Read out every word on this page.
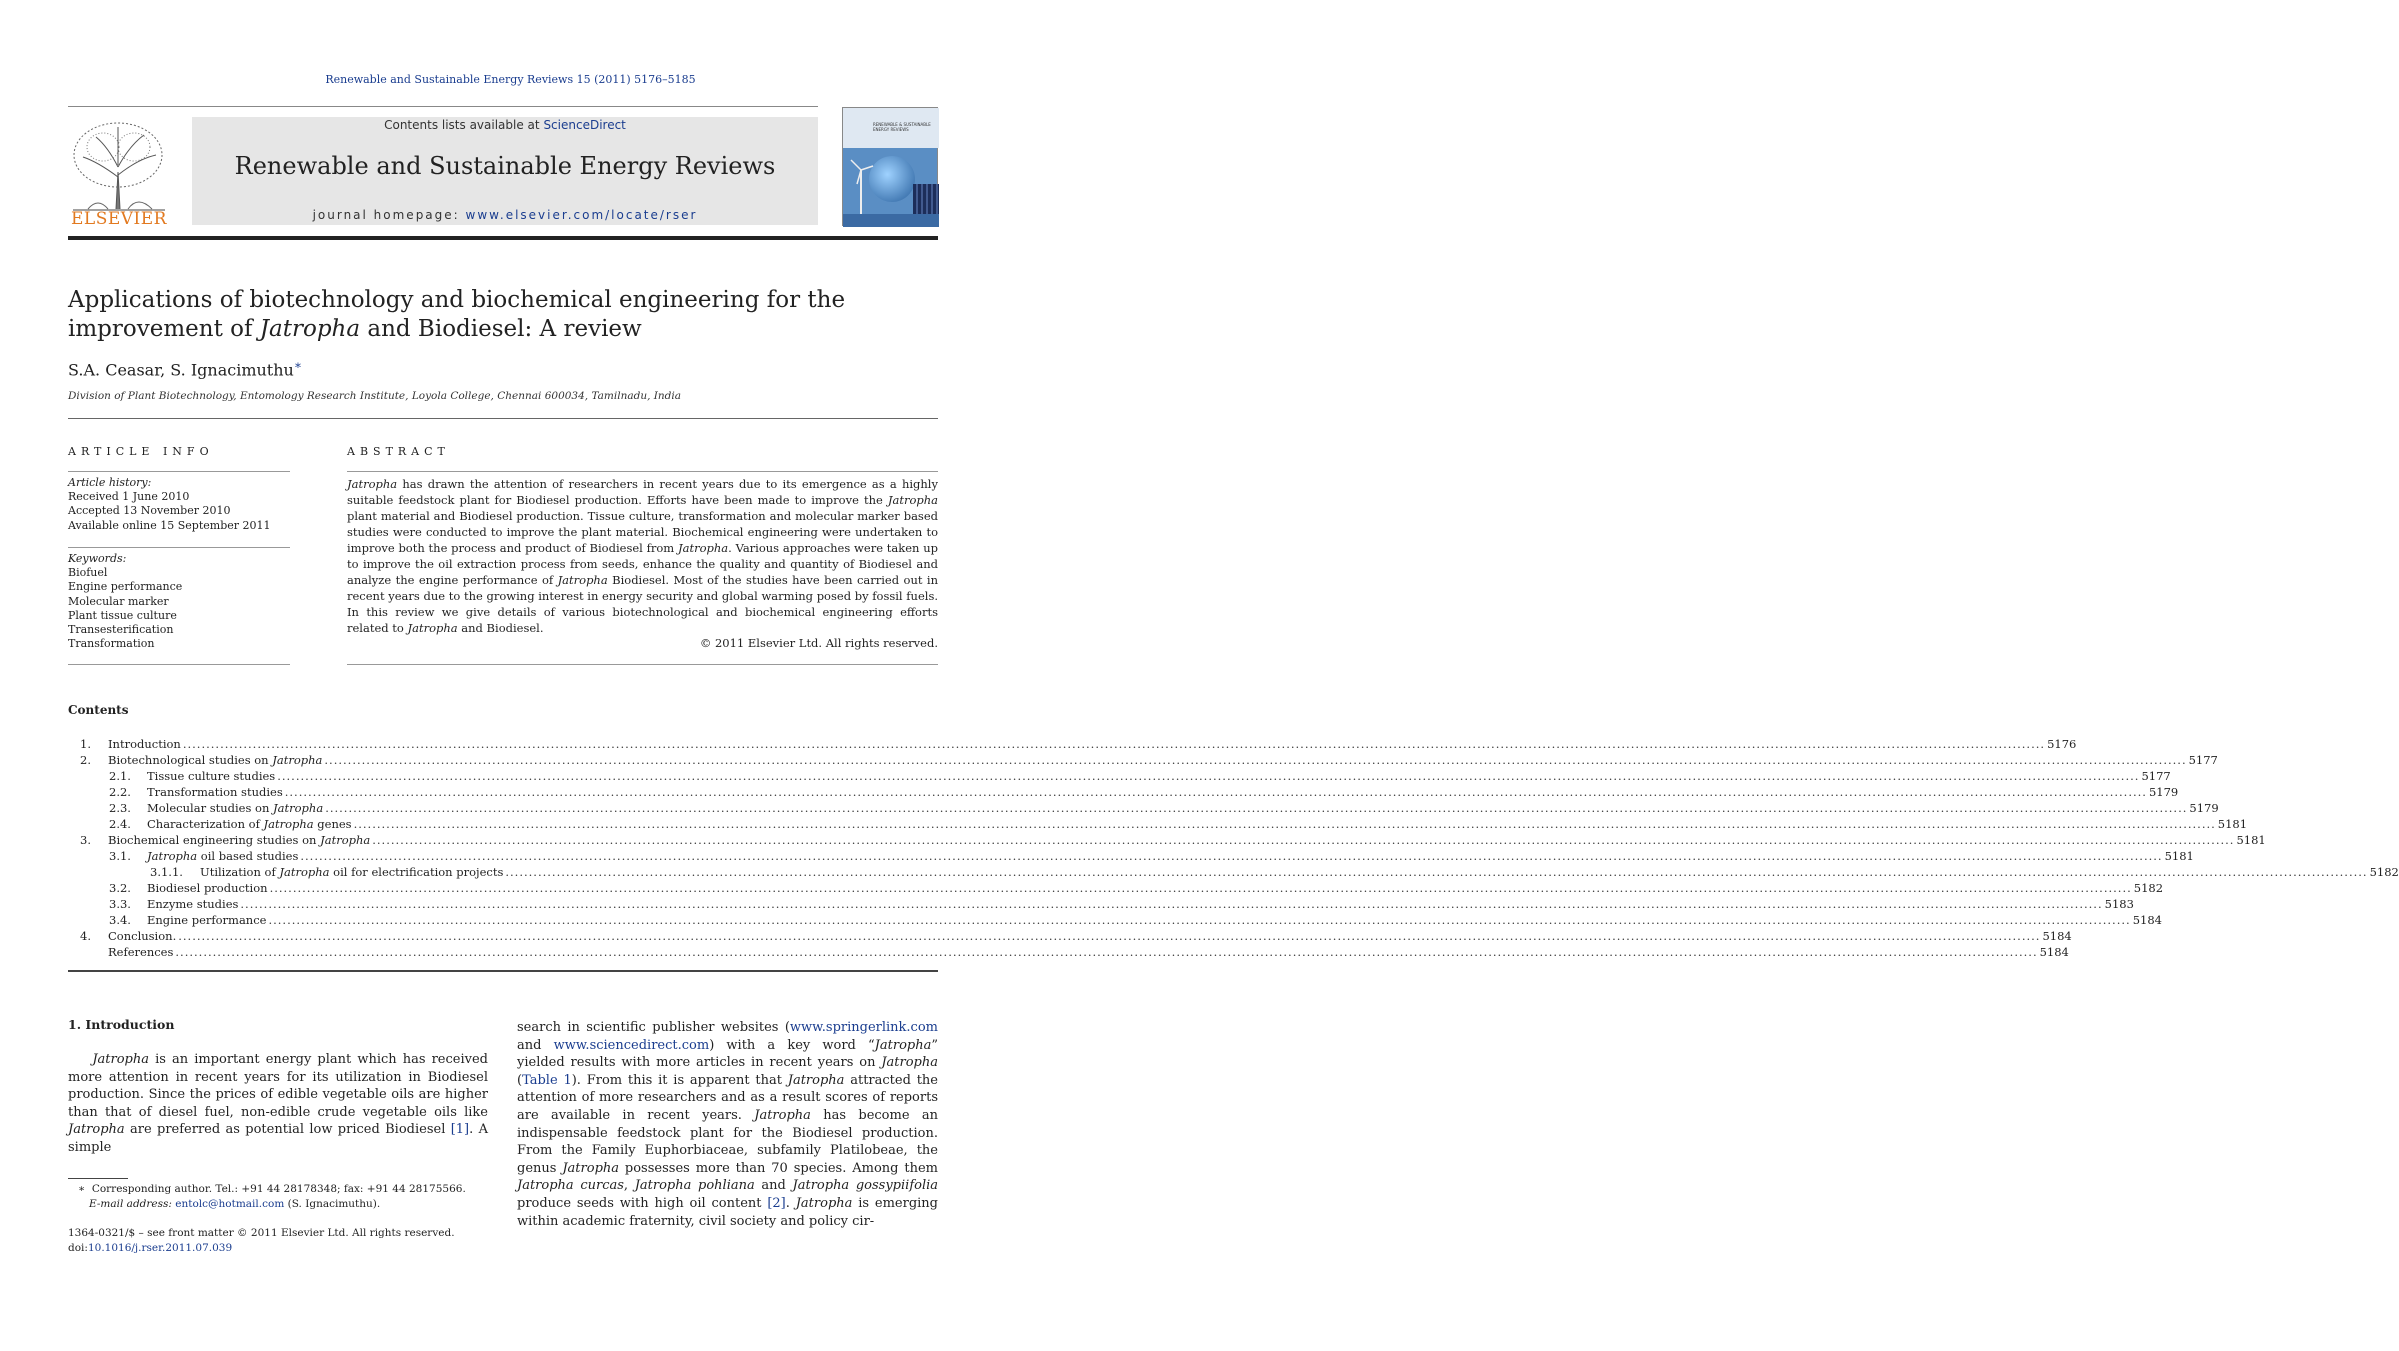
Renewable and Sustainable Energy Reviews 15 (2011) 5176–5185
ELSEVIER
Contents lists available at ScienceDirect
Renewable and Sustainable Energy Reviews
journal homepage: www.elsevier.com/locate/rser
RENEWABLE & SUSTAINABLE ENERGY REVIEWS
Applications of biotechnology and biochemical engineering for the improvement of Jatropha and Biodiesel: A review
S.A. Ceasar, S. Ignacimuthu∗
Division of Plant Biotechnology, Entomology Research Institute, Loyola College, Chennai 600034, Tamilnadu, India
ARTICLE INFO
Article history:
Received 1 June 2010
Accepted 13 November 2010
Available online 15 September 2011
Keywords:
Biofuel
Engine performance
Molecular marker
Plant tissue culture
Transesterification
Transformation
ABSTRACT
Jatropha has drawn the attention of researchers in recent years due to its emergence as a highly suitable feedstock plant for Biodiesel production. Efforts have been made to improve the Jatropha plant material and Biodiesel production. Tissue culture, transformation and molecular marker based studies were conducted to improve the plant material. Biochemical engineering were undertaken to improve both the process and product of Biodiesel from Jatropha. Various approaches were taken up to improve the oil extraction process from seeds, enhance the quality and quantity of Biodiesel and analyze the engine performance of Jatropha Biodiesel. Most of the studies have been carried out in recent years due to the growing interest in energy security and global warming posed by fossil fuels. In this review we give details of various biotechnological and biochemical engineering efforts related to Jatropha and Biodiesel.
© 2011 Elsevier Ltd. All rights reserved.
Contents
1. Introduction ................................................................................................................................................................................................................................................................................................................................................................................................................ 5176
2. Biotechnological studies on Jatropha ................................................................................................................................................................................................................................................................................................................................................................................................................ 5177
2.1. Tissue culture studies ................................................................................................................................................................................................................................................................................................................................................................................................................ 5177
2.2. Transformation studies ................................................................................................................................................................................................................................................................................................................................................................................................................ 5179
2.3. Molecular studies on Jatropha ................................................................................................................................................................................................................................................................................................................................................................................................................ 5179
2.4. Characterization of Jatropha genes ................................................................................................................................................................................................................................................................................................................................................................................................................ 5181
3. Biochemical engineering studies on Jatropha ................................................................................................................................................................................................................................................................................................................................................................................................................ 5181
3.1. Jatropha oil based studies ................................................................................................................................................................................................................................................................................................................................................................................................................ 5181
3.1.1. Utilization of Jatropha oil for electrification projects ................................................................................................................................................................................................................................................................................................................................................................................................................ 5182
3.2. Biodiesel production ................................................................................................................................................................................................................................................................................................................................................................................................................ 5182
3.3. Enzyme studies ................................................................................................................................................................................................................................................................................................................................................................................................................ 5183
3.4. Engine performance ................................................................................................................................................................................................................................................................................................................................................................................................................ 5184
4. Conclusion. ................................................................................................................................................................................................................................................................................................................................................................................................................ 5184
References ................................................................................................................................................................................................................................................................................................................................................................................................................ 5184
1. Introduction
Jatropha is an important energy plant which has received more attention in recent years for its utilization in Biodiesel production. Since the prices of edible vegetable oils are higher than that of diesel fuel, non-edible crude vegetable oils like Jatropha are preferred as potential low priced Biodiesel [1]. A simple
search in scientific publisher websites (www.springerlink.com and www.sciencedirect.com) with a key word “Jatropha” yielded results with more articles in recent years on Jatropha (Table 1). From this it is apparent that Jatropha attracted the attention of more researchers and as a result scores of reports are available in recent years. Jatropha has become an indispensable feedstock plant for the Biodiesel production. From the Family Euphorbiaceae, subfamily Platilobeae, the genus Jatropha possesses more than 70 species. Among them Jatropha curcas, Jatropha pohliana and Jatropha gossypiifolia produce seeds with high oil content [2]. Jatropha is emerging within academic fraternity, civil society and policy cir-
∗  Corresponding author. Tel.: +91 44 28178348; fax: +91 44 28175566.
E-mail address: entolc@hotmail.com (S. Ignacimuthu).
1364-0321/$ – see front matter © 2011 Elsevier Ltd. All rights reserved.
doi:10.1016/j.rser.2011.07.039
